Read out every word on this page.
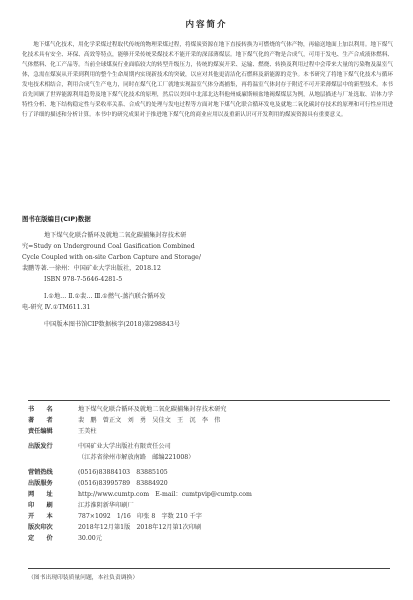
内容简介
地下煤气化技术，用化学采煤过程取代传统的物理采煤过程，将煤炭资源在地下直接转换为可燃烧的气体产物，再输送地面上加以利用。地下煤气化技术具有安全、环保、高效等特点，能够开采传统采煤技术不能开采的深部薄煤层。地下煤气化的产物是合成气，可用于发电、生产合成液体燃料、气体燃料、化工产品等。当前全球煤炭行业面临较大的转型升级压力，传统的煤炭开采、运输、燃烧、转换及利用过程中会带来大量的污染物及温室气体，急需在煤炭从开采到利用的整个生命周期内实现新技术的突破，以应对其他更清洁化石燃料及新能源的竞争。本书研究了将地下煤气化技术与循环发电技术相结合，利用合成气生产电力，同时在煤气化工厂就地实现温室气体分离捕集，再将温室气体封存于附近不可开采薄煤层中的新型技术。本书首先回顾了世界能源利用趋势及地下煤气化技术的原理，然后以美国中北部北达科他州威廉斯顿盆地褐煤煤层为例，从地层描述与厂址选取、岩体力学特性分析、地下结构稳定性与采收率关系、合成气的处理与发电过程等方面对地下煤气化联合循环发电及就地二氧化碳封存技术的原理和可行性应用进行了详细的描述和分析计算。本书中的研究成果对于推进地下煤气化的商业应用以及重新认识可开发利用的煤炭资源具有重要意义。
图书在版编目(CIP)数据
地下煤气化联合循环及就地二氧化碳捕集封存技术研
究=Study on Underground Coal Gasification Combined
Cycle Coupled with on-site Carbon Capture and Storage/
裴鹏等著.一徐州：中国矿业大学出版社，2018.12
ISBN 978-7-5646-4281-5
Ⅰ.①地… Ⅱ.①裴… Ⅲ.①燃气-蒸汽联合循环发
电-研究 Ⅳ.①TM611.31
中国版本图书馆CIP数据核字(2018)第298843号
书　　名	地下煤气化联合循环及就地二氧化碳捕集封存技术研究
著　　者	裴　鹏　曾正文　刘　勇　吴佳文　王　沉　李　伟
责任编辑	王美柱
出版发行	中国矿业大学出版社有限责任公司
（江苏省徐州市解放南路　邮编221008）
营销热线	(0516)83884103　83885105
出版服务	(0516)83995789　83884920
网　　址	http://www.cumtp.com　E-mail：cumtpvip@cumtp.com
印　　刷	江苏淮阴新华印刷厂
开　　本	787×1092　1/16　印张 8　字数 210 千字
版次印次	2018年12月第1版　2018年12月第1次印刷
定　　价	30.00元
（图书出现印装质量问题，本社负责调换）
